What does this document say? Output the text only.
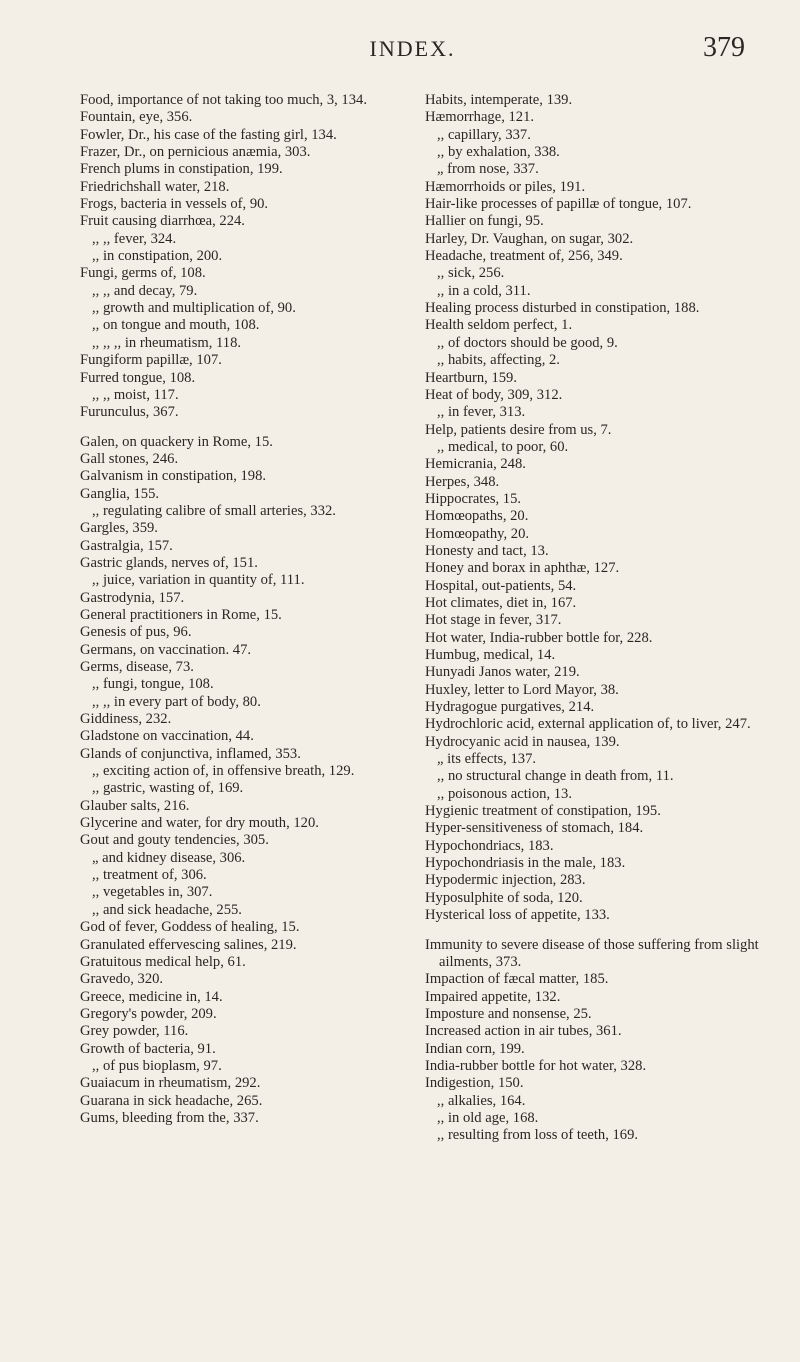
INDEX.	379
Food, importance of not taking too much, 3, 134.
Fountain, eye, 356.
Fowler, Dr., his case of the fasting girl, 134.
Frazer, Dr., on pernicious anæmia, 303.
French plums in constipation, 199.
Friedrichshall water, 218.
Frogs, bacteria in vessels of, 90.
Fruit causing diarrhœa, 224.
,, ,, fever, 324.
,, in constipation, 200.
Fungi, germs of, 108.
,, ,, and decay, 79.
,, growth and multiplication of, 90.
,, on tongue and mouth, 108.
,, ,, ,, in rheumatism, 118.
Fungiform papillæ, 107.
Furred tongue, 108.
,, ,, moist, 117.
Furunculus, 367.
Galen, on quackery in Rome, 15.
Gall stones, 246.
Galvanism in constipation, 198.
Ganglia, 155.
,, regulating calibre of small arteries, 332.
Gargles, 359.
Gastralgia, 157.
Gastric glands, nerves of, 151.
,, juice, variation in quantity of, 111.
Gastrodynia, 157.
General practitioners in Rome, 15.
Genesis of pus, 96.
Germans, on vaccination. 47.
Germs, disease, 73.
,, fungi, tongue, 108.
,, ,, in every part of body, 80.
Giddiness, 232.
Gladstone on vaccination, 44.
Glands of conjunctiva, inflamed, 353.
,, exciting action of, in offensive breath, 129.
,, gastric, wasting of, 169.
Glauber salts, 216.
Glycerine and water, for dry mouth, 120.
Gout and gouty tendencies, 305.
„ and kidney disease, 306.
,, treatment of, 306.
,, vegetables in, 307.
,, and sick headache, 255.
God of fever, Goddess of healing, 15.
Granulated effervescing salines, 219.
Gratuitous medical help, 61.
Gravedo, 320.
Greece, medicine in, 14.
Gregory's powder, 209.
Grey powder, 116.
Growth of bacteria, 91.
,, of pus bioplasm, 97.
Guaiacum in rheumatism, 292.
Guarana in sick headache, 265.
Gums, bleeding from the, 337.
Habits, intemperate, 139.
Hæmorrhage, 121.
,, capillary, 337.
,, by exhalation, 338.
„ from nose, 337.
Hæmorrhoids or piles, 191.
Hair-like processes of papillæ of tongue, 107.
Hallier on fungi, 95.
Harley, Dr. Vaughan, on sugar, 302.
Headache, treatment of, 256, 349.
,, sick, 256.
,, in a cold, 311.
Healing process disturbed in constipation, 188.
Health seldom perfect, 1.
,, of doctors should be good, 9.
,, habits, affecting, 2.
Heartburn, 159.
Heat of body, 309, 312.
,, in fever, 313.
Help, patients desire from us, 7.
,, medical, to poor, 60.
Hemicrania, 248.
Herpes, 348.
Hippocrates, 15.
Homœopaths, 20.
Homœopathy, 20.
Honesty and tact, 13.
Honey and borax in aphthæ, 127.
Hospital, out-patients, 54.
Hot climates, diet in, 167.
Hot stage in fever, 317.
Hot water, India-rubber bottle for, 228.
Humbug, medical, 14.
Hunyadi Janos water, 219.
Huxley, letter to Lord Mayor, 38.
Hydragogue purgatives, 214.
Hydrochloric acid, external application of, to liver, 247.
Hydrocyanic acid in nausea, 139.
„ its effects, 137.
,, no structural change in death from, 11.
,, poisonous action, 13.
Hygienic treatment of constipation, 195.
Hyper-sensitiveness of stomach, 184.
Hypochondriacs, 183.
Hypochondriasis in the male, 183.
Hypodermic injection, 283.
Hyposulphite of soda, 120.
Hysterical loss of appetite, 133.
Immunity to severe disease of those suffering from slight ailments, 373.
Impaction of fæcal matter, 185.
Impaired appetite, 132.
Imposture and nonsense, 25.
Increased action in air tubes, 361.
Indian corn, 199.
India-rubber bottle for hot water, 328.
Indigestion, 150.
,, alkalies, 164.
,, in old age, 168.
,, resulting from loss of teeth, 169.
